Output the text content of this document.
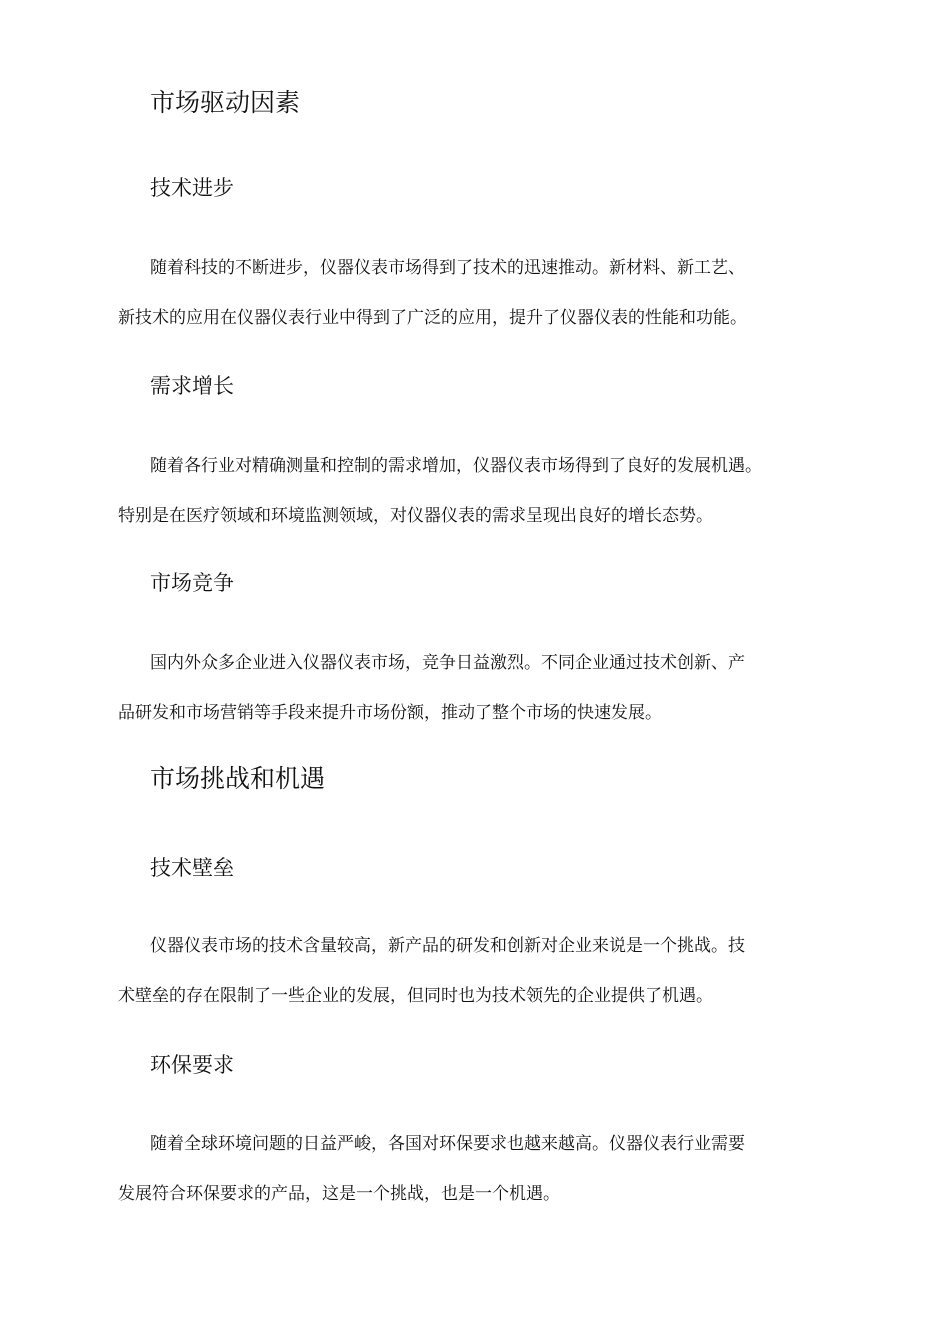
市场驱动因素
技术进步
随着科技的不断进步，仪器仪表市场得到了技术的迅速推动。新材料、新工艺、
新技术的应用在仪器仪表行业中得到了广泛的应用，提升了仪器仪表的性能和功能。
需求增长
随着各行业对精确测量和控制的需求增加，仪器仪表市场得到了良好的发展机遇。
特别是在医疗领域和环境监测领域，对仪器仪表的需求呈现出良好的增长态势。
市场竞争
国内外众多企业进入仪器仪表市场，竞争日益激烈。不同企业通过技术创新、产
品研发和市场营销等手段来提升市场份额，推动了整个市场的快速发展。
市场挑战和机遇
技术壁垒
仪器仪表市场的技术含量较高，新产品的研发和创新对企业来说是一个挑战。技
术壁垒的存在限制了一些企业的发展，但同时也为技术领先的企业提供了机遇。
环保要求
随着全球环境问题的日益严峻，各国对环保要求也越来越高。仪器仪表行业需要
发展符合环保要求的产品，这是一个挑战，也是一个机遇。
